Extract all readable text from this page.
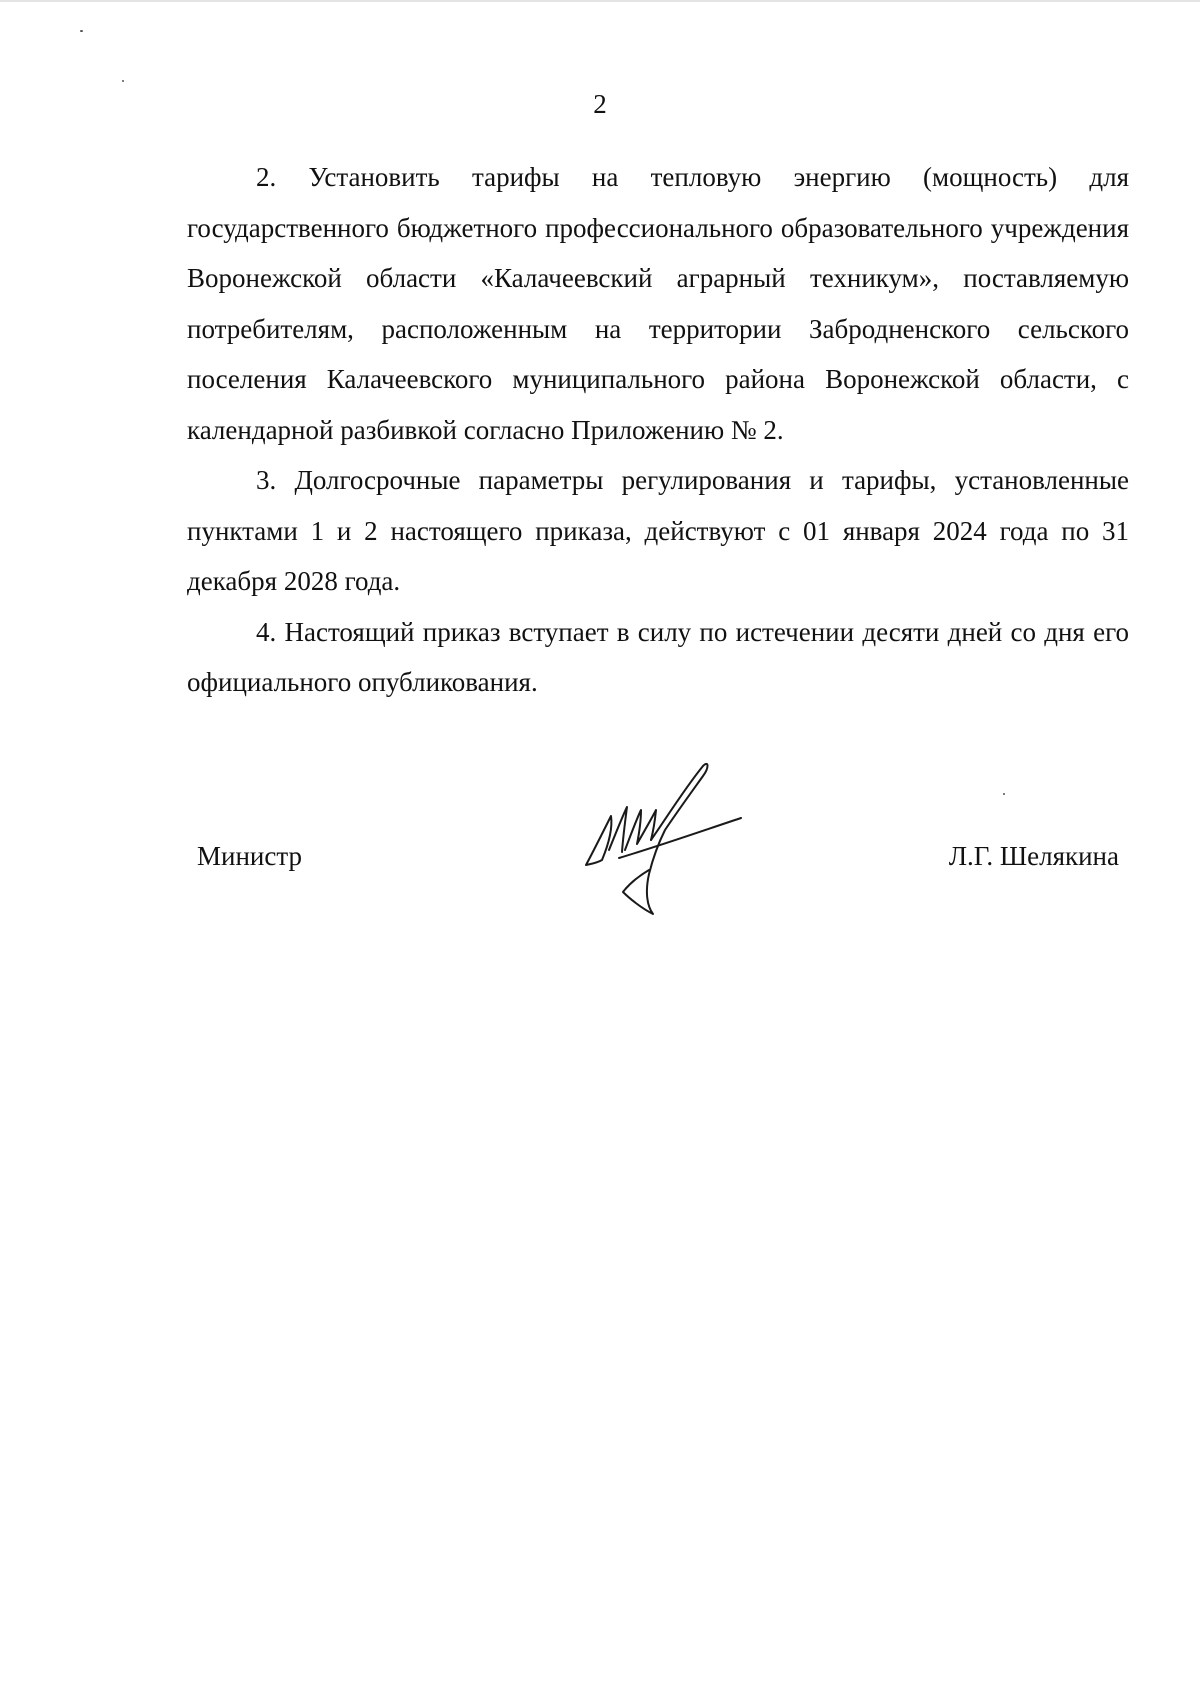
2

2. Установить тарифы на тепловую энергию (мощность) для государственного бюджетного профессионального образовательного учреждения Воронежской области «Калачеевский аграрный техникум», поставляемую потребителям, расположенным на территории Забродненского сельского поселения Калачеевского муниципального района Воронежской области, с календарной разбивкой согласно Приложению № 2.

3. Долгосрочные параметры регулирования и тарифы, установленные пунктами 1 и 2 настоящего приказа, действуют с 01 января 2024 года по 31 декабря 2028 года.

4. Настоящий приказ вступает в силу по истечении десяти дней со дня его официального опубликования.

Министр	Л.Г. Шелякина
